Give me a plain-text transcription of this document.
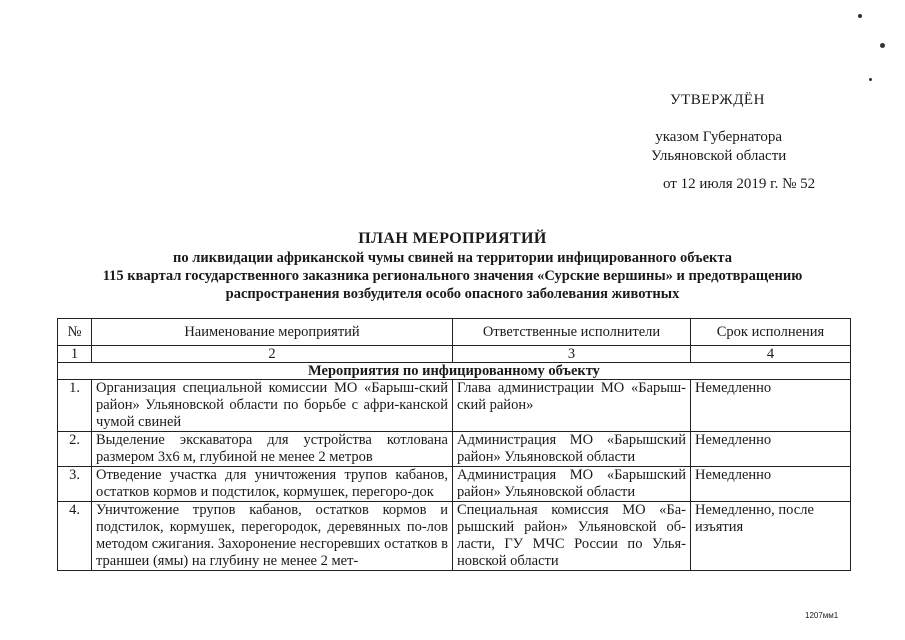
УТВЕРЖДЁН
указом Губернатора
Ульяновской области
от 12 июля 2019 г. № 52
ПЛАН МЕРОПРИЯТИЙ
по ликвидации африканской чумы свиней на территории инфицированного объекта
115 квартал государственного заказника регионального значения «Сурские вершины» и предотвращению
распространения возбудителя особо опасного заболевания животных
№	Наименование мероприятий	Ответственные исполнители	Срок исполнения
1	2	3	4
Мероприятия по инфицированному объекту			
1.	Организация специальной комиссии МО «Барыш-ский район» Ульяновской области по борьбе с афри-канской чумой свиней	Глава администрации МО «Барыш-ский район»	Немедленно
2.	Выделение экскаватора для устройства котлована размером 3х6 м, глубиной не менее 2 метров	Администрация МО «Барышский район» Ульяновской области	Немедленно
3.	Отведение участка для уничтожения трупов кабанов, остатков кормов и подстилок, кормушек, перегоро-док	Администрация МО «Барышский район» Ульяновской области	Немедленно
4.	Уничтожение трупов кабанов, остатков кормов и подстилок, кормушек, перегородок, деревянных по-лов методом сжигания. Захоронение несгоревших остатков в траншеи (ямы) на глубину не менее 2 мет-	Специальная комиссия МО «Ба-рышский район» Ульяновской об-ласти, ГУ МЧС России по Улья-новской области	Немедленно, после изъятия
1207мм1
